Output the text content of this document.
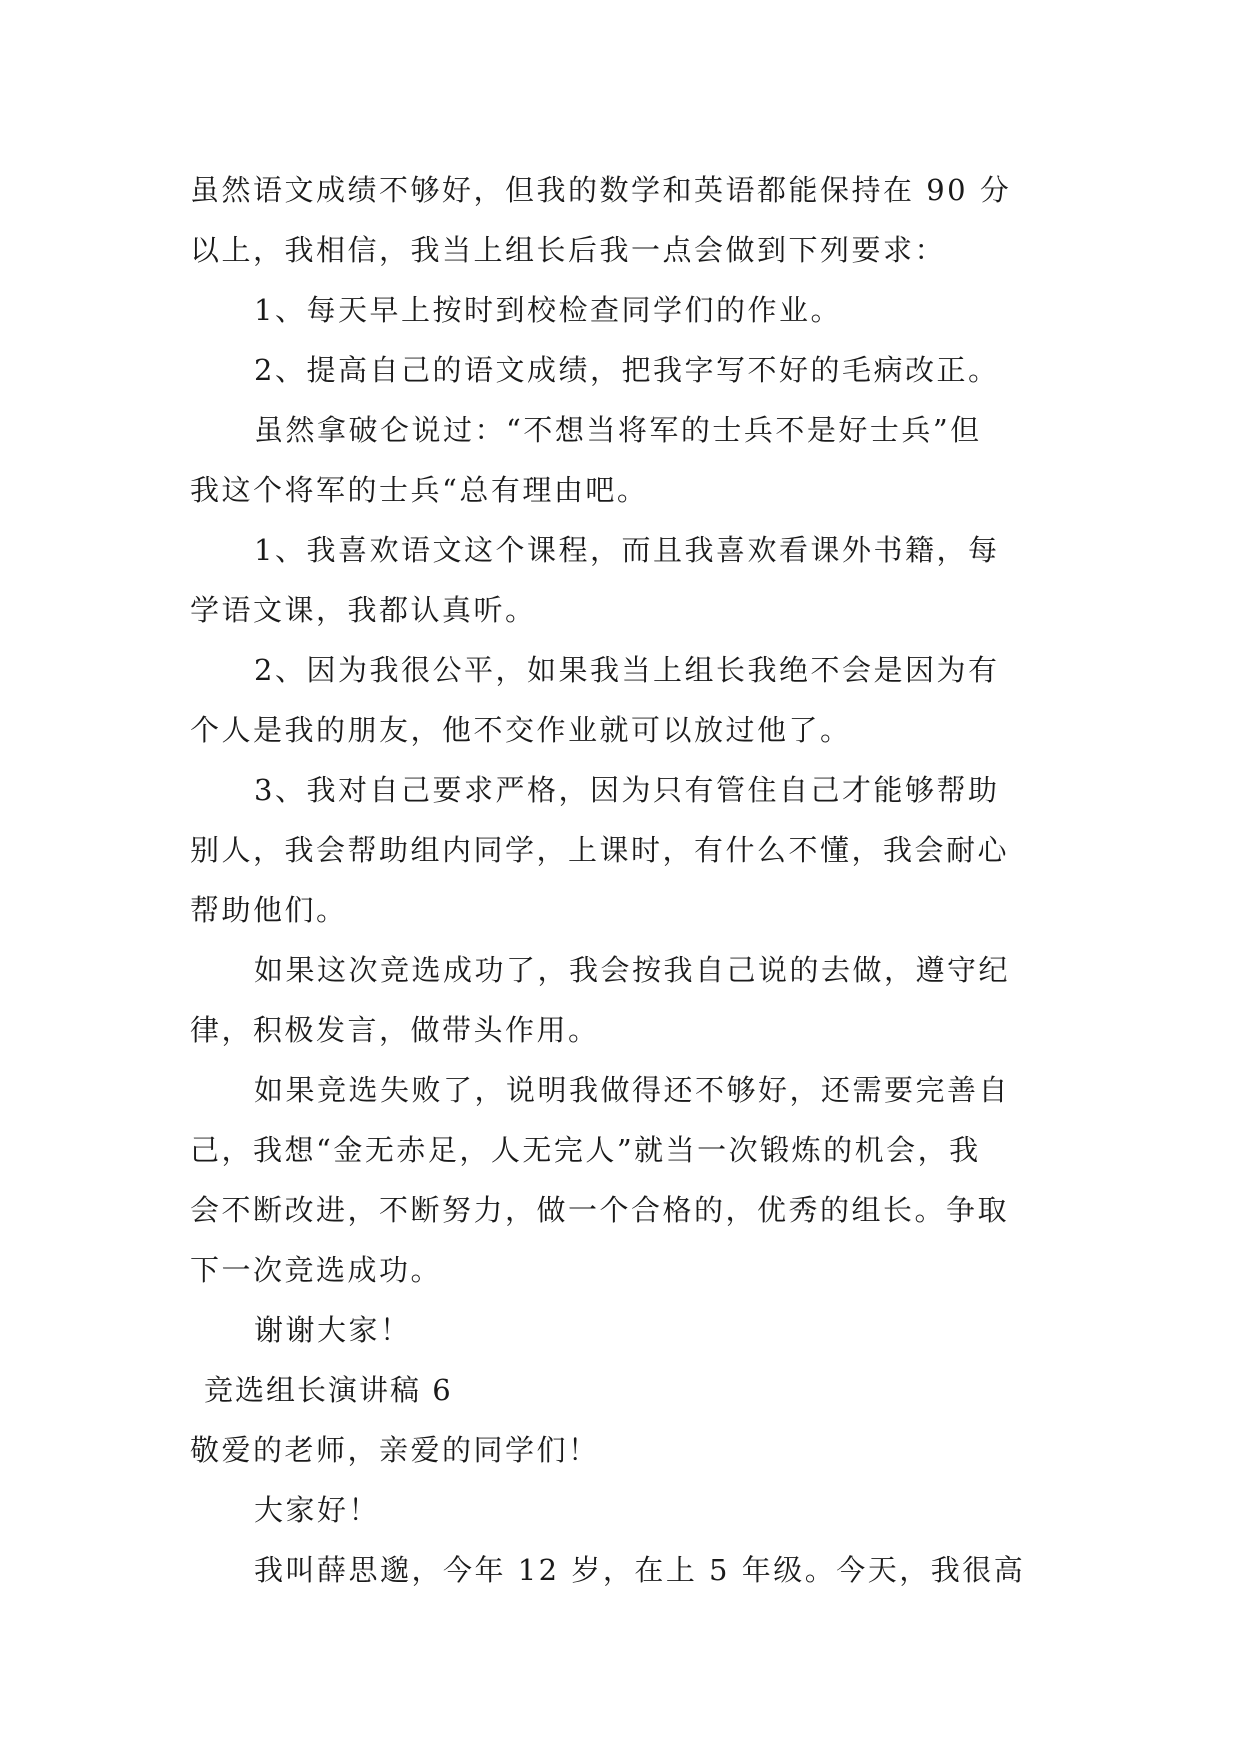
虽然语文成绩不够好，但我的数学和英语都能保持在 90 分
以上，我相信，我当上组长后我一点会做到下列要求：
1、每天早上按时到校检查同学们的作业。
2、提高自己的语文成绩，把我字写不好的毛病改正。
虽然拿破仑说过：“不想当将军的士兵不是好士兵”但
我这个将军的士兵“总有理由吧。
1、我喜欢语文这个课程，而且我喜欢看课外书籍，每
学语文课，我都认真听。
2、因为我很公平，如果我当上组长我绝不会是因为有
个人是我的朋友，他不交作业就可以放过他了。
3、我对自己要求严格，因为只有管住自己才能够帮助
别人，我会帮助组内同学，上课时，有什么不懂，我会耐心
帮助他们。
如果这次竞选成功了，我会按我自己说的去做，遵守纪
律，积极发言，做带头作用。
如果竞选失败了，说明我做得还不够好，还需要完善自
己，我想“金无赤足，人无完人”就当一次锻炼的机会，我
会不断改进，不断努力，做一个合格的，优秀的组长。争取
下一次竞选成功。
谢谢大家！
竞选组长演讲稿 6
敬爱的老师，亲爱的同学们！
大家好！
我叫薛思邈，今年 12 岁，在上 5 年级。今天，我很高
